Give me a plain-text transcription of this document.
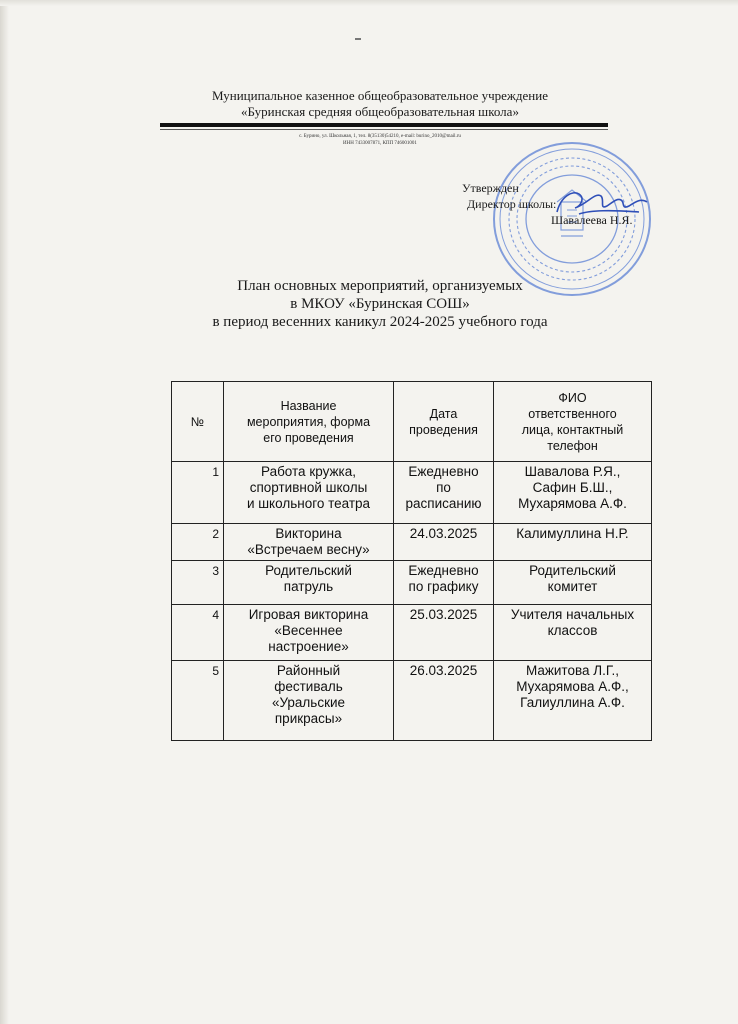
Муниципальное казенное общеобразовательное учреждение
«Буринская средняя общеобразовательная школа»
с. Бурино, ул. Школьная, 1, тел. 8(35130)54210, e-mail: burino_2010@mail.ru
ИНН 7433007871, КПП 746001001
Утвержден
Директор школы:
Шавалеева Н.Я.
План основных мероприятий, организуемых
в МКОУ «Буринская СОШ»
в период весенних каникул 2024-2025 учебного года
№	Название
мероприятия, форма
его проведения	Дата
проведения	ФИО
ответственного
лица, контактный
телефон

1	Работа кружка,
спортивной школы
и школьного театра	Ежедневно
по
расписанию	Шавалова Р.Я.,
Сафин Б.Ш.,
Мухарямова А.Ф.

2	Викторина
«Встречаем весну»	24.03.2025	Калимуллина Н.Р.

3	Родительский
патруль	Ежедневно
по графику	Родительский
комитет

4	Игровая викторина
«Весеннее
настроение»	25.03.2025	Учителя начальных
классов

5	Районный
фестиваль
«Уральские
прикрасы»	26.03.2025	Мажитова Л.Г.,
Мухарямова А.Ф.,
Галиуллина А.Ф.
